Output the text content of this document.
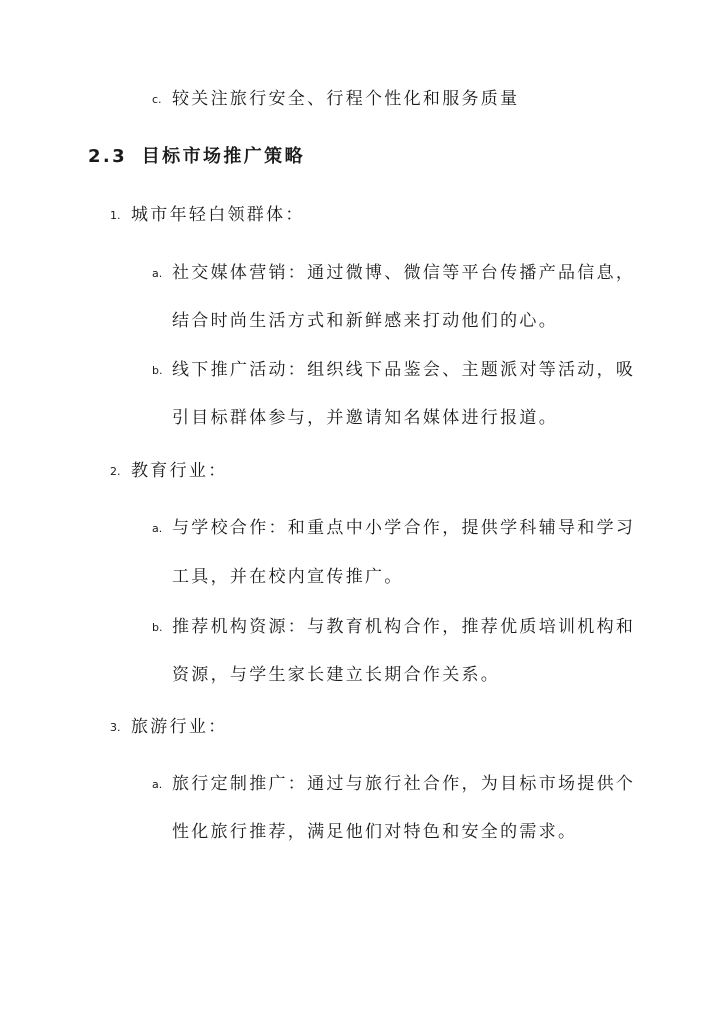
c. 较关注旅行安全、行程个性化和服务质量
2.3 目标市场推广策略
1. 城市年轻白领群体：
a. 社交媒体营销：通过微博、微信等平台传播产品信息，
结合时尚生活方式和新鲜感来打动他们的心。
b. 线下推广活动：组织线下品鉴会、主题派对等活动，吸
引目标群体参与，并邀请知名媒体进行报道。
2. 教育行业：
a. 与学校合作：和重点中小学合作，提供学科辅导和学习
工具，并在校内宣传推广。
b. 推荐机构资源：与教育机构合作，推荐优质培训机构和
资源，与学生家长建立长期合作关系。
3. 旅游行业：
a. 旅行定制推广：通过与旅行社合作，为目标市场提供个
性化旅行推荐，满足他们对特色和安全的需求。
